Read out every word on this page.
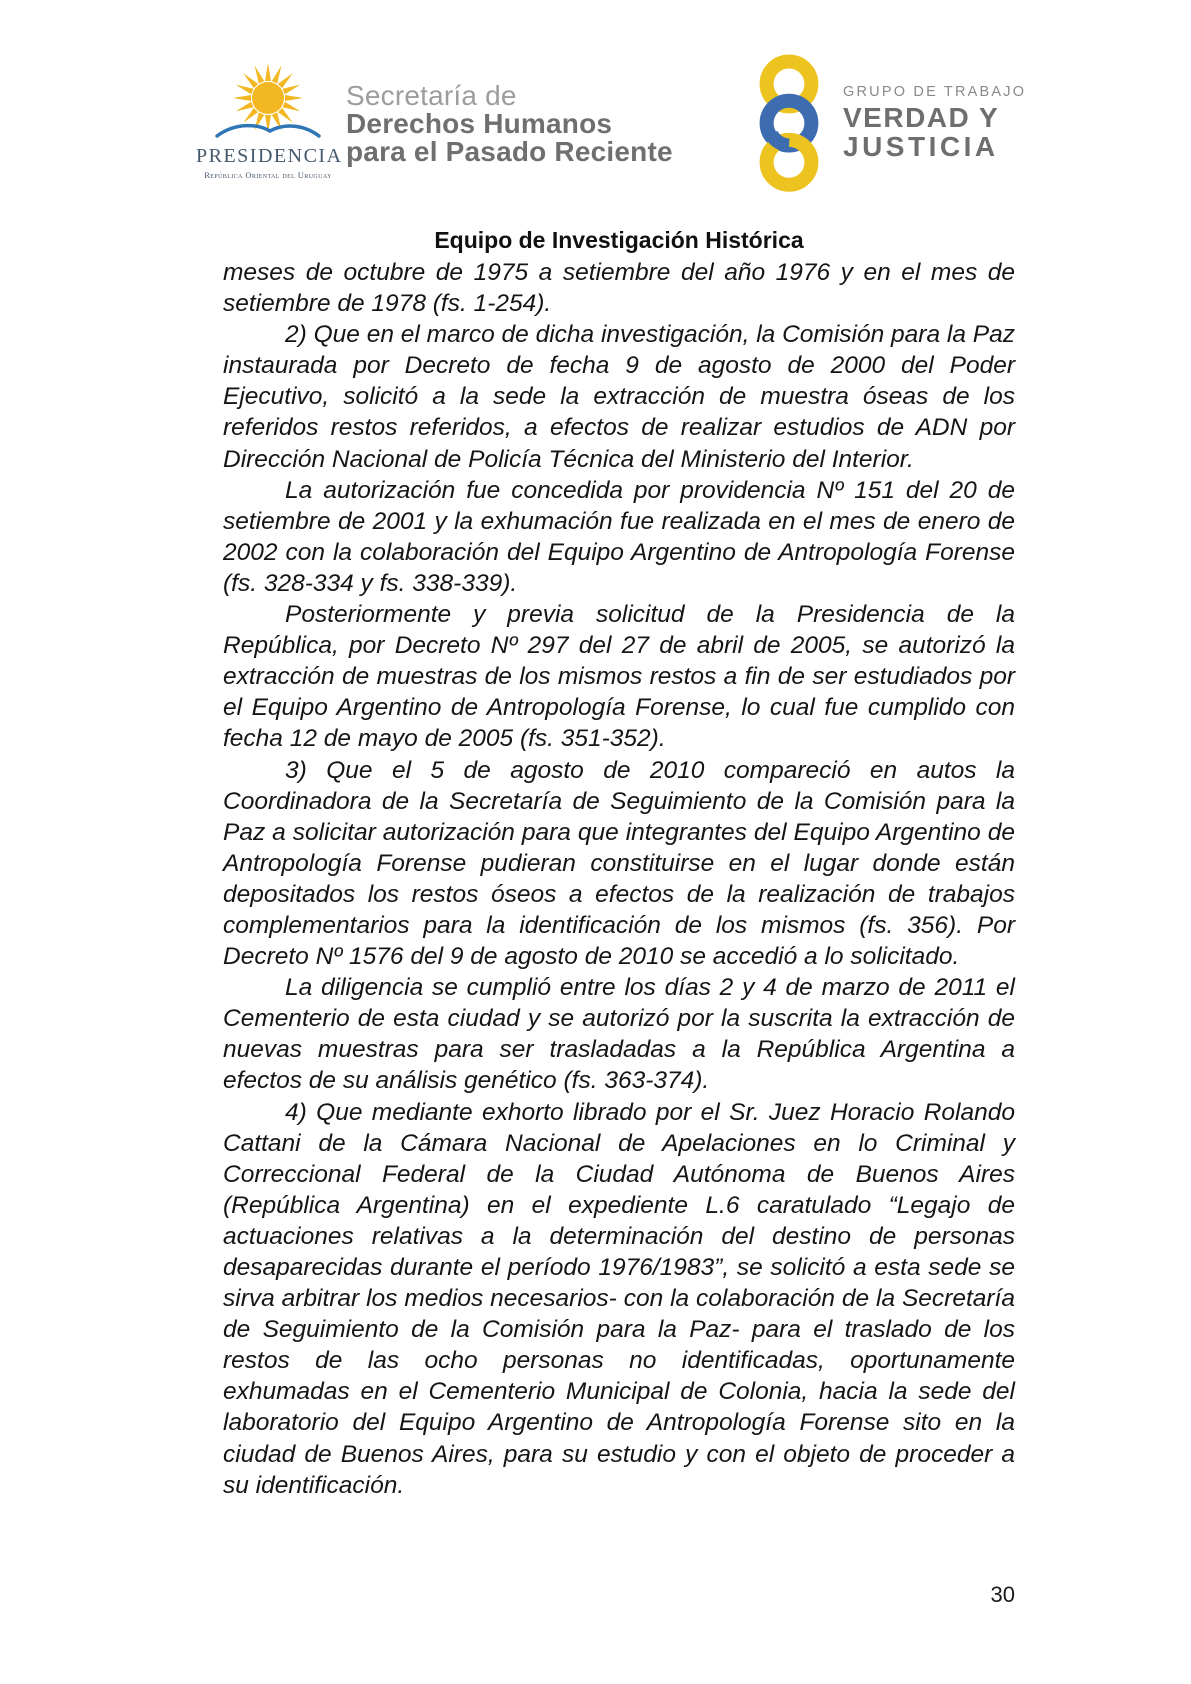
PRESIDENCIA
República Oriental del Uruguay
Secretaría de
Derechos Humanos
para el Pasado Reciente
GRUPO DE TRABAJO
VERDAD Y
JUSTICIA
Equipo de Investigación Histórica

meses de octubre de 1975 a setiembre del año 1976 y en el mes de setiembre de 1978 (fs. 1-254).

2) Que en el marco de dicha investigación, la Comisión para la Paz instaurada por Decreto de fecha 9 de agosto de 2000 del Poder Ejecutivo, solicitó a la sede la extracción de muestra óseas de los referidos restos referidos, a efectos de realizar estudios de ADN por Dirección Nacional de Policía Técnica del Ministerio del Interior.

La autorización fue concedida por providencia Nº 151 del 20 de setiembre de 2001 y la exhumación fue realizada en el mes de enero de 2002 con la colaboración del Equipo Argentino de Antropología Forense (fs. 328-334 y fs. 338-339).

Posteriormente y previa solicitud de la Presidencia de la República, por Decreto Nº 297 del 27 de abril de 2005, se autorizó la extracción de muestras de los mismos restos a fin de ser estudiados por el Equipo Argentino de Antropología Forense, lo cual fue cumplido con fecha 12 de mayo de 2005 (fs. 351-352).

3) Que el 5 de agosto de 2010 compareció en autos la Coordinadora de la Secretaría de Seguimiento de la Comisión para la Paz a solicitar autorización para que integrantes del Equipo Argentino de Antropología Forense pudieran constituirse en el lugar donde están depositados los restos óseos a efectos de la realización de trabajos complementarios para la identificación de los mismos (fs. 356). Por Decreto Nº 1576 del 9 de agosto de 2010 se accedió a lo solicitado.

La diligencia se cumplió entre los días 2 y 4 de marzo de 2011 el Cementerio de esta ciudad y se autorizó por la suscrita la extracción de nuevas muestras para ser trasladadas a la República Argentina a efectos de su análisis genético (fs. 363-374).

4) Que mediante exhorto librado por el Sr. Juez Horacio Rolando Cattani de la Cámara Nacional de Apelaciones en lo Criminal y Correccional Federal de la Ciudad Autónoma de Buenos Aires (República Argentina) en el expediente L.6 caratulado “Legajo de actuaciones relativas a la determinación del destino de personas desaparecidas durante el período 1976/1983”, se solicitó a esta sede se sirva arbitrar los medios necesarios- con la colaboración de la Secretaría de Seguimiento de la Comisión para la Paz- para el traslado de los restos de las ocho personas no identificadas, oportunamente exhumadas en el Cementerio Municipal de Colonia, hacia la sede del laboratorio del Equipo Argentino de Antropología Forense sito en la ciudad de Buenos Aires, para su estudio y con el objeto de proceder a su identificación.

30
